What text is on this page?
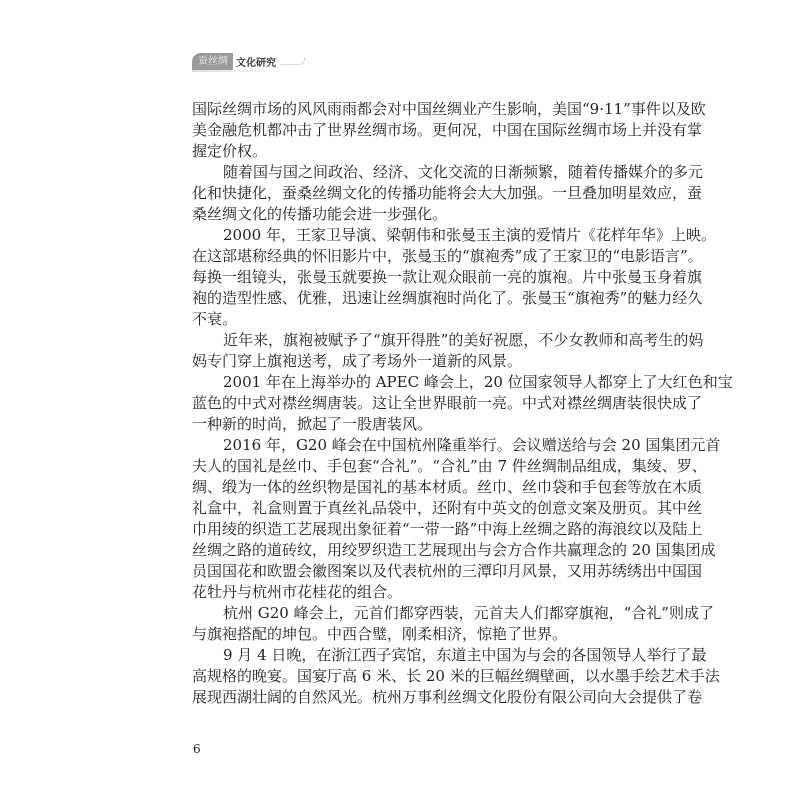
蚕丝绸 文化研究
国际丝绸市场的风风雨雨都会对中国丝绸业产生影响，美国“9·11”事件以及欧
美金融危机都冲击了世界丝绸市场。更何况，中国在国际丝绸市场上并没有掌
握定价权。
随着国与国之间政治、经济、文化交流的日渐频繁，随着传播媒介的多元
化和快捷化，蚕桑丝绸文化的传播功能将会大大加强。一旦叠加明星效应，蚕
桑丝绸文化的传播功能会进一步强化。
2000 年，王家卫导演、梁朝伟和张曼玉主演的爱情片《花样年华》上映。
在这部堪称经典的怀旧影片中，张曼玉的“旗袍秀”成了王家卫的“电影语言”。
每换一组镜头，张曼玉就要换一款让观众眼前一亮的旗袍。片中张曼玉身着旗
袍的造型性感、优雅，迅速让丝绸旗袍时尚化了。张曼玉“旗袍秀”的魅力经久
不衰。
近年来，旗袍被赋予了“旗开得胜”的美好祝愿，不少女教师和高考生的妈
妈专门穿上旗袍送考，成了考场外一道新的风景。
2001 年在上海举办的 APEC 峰会上，20 位国家领导人都穿上了大红色和宝
蓝色的中式对襟丝绸唐装。这让全世界眼前一亮。中式对襟丝绸唐装很快成了
一种新的时尚，掀起了一股唐装风。
2016 年，G20 峰会在中国杭州隆重举行。会议赠送给与会 20 国集团元首
夫人的国礼是丝巾、手包套“合礼”。“合礼”由 7 件丝绸制品组成，集绫、罗、
绸、缎为一体的丝织物是国礼的基本材质。丝巾、丝巾袋和手包套等放在木质
礼盒中，礼盒则置于真丝礼品袋中，还附有中英文的创意文案及册页。其中丝
巾用绫的织造工艺展现出象征着“一带一路”中海上丝绸之路的海浪纹以及陆上
丝绸之路的道砖纹，用绞罗织造工艺展现出与会方合作共赢理念的 20 国集团成
员国国花和欧盟会徽图案以及代表杭州的三潭印月风景，又用苏绣绣出中国国
花牡丹与杭州市花桂花的组合。
杭州 G20 峰会上，元首们都穿西装，元首夫人们都穿旗袍，“合礼”则成了
与旗袍搭配的坤包。中西合璧，刚柔相济，惊艳了世界。
9 月 4 日晚，在浙江西子宾馆，东道主中国为与会的各国领导人举行了最
高规格的晚宴。国宴厅高 6 米、长 20 米的巨幅丝绸壁画，以水墨手绘艺术手法
展现西湖壮阔的自然风光。杭州万事利丝绸文化股份有限公司向大会提供了卷
6
